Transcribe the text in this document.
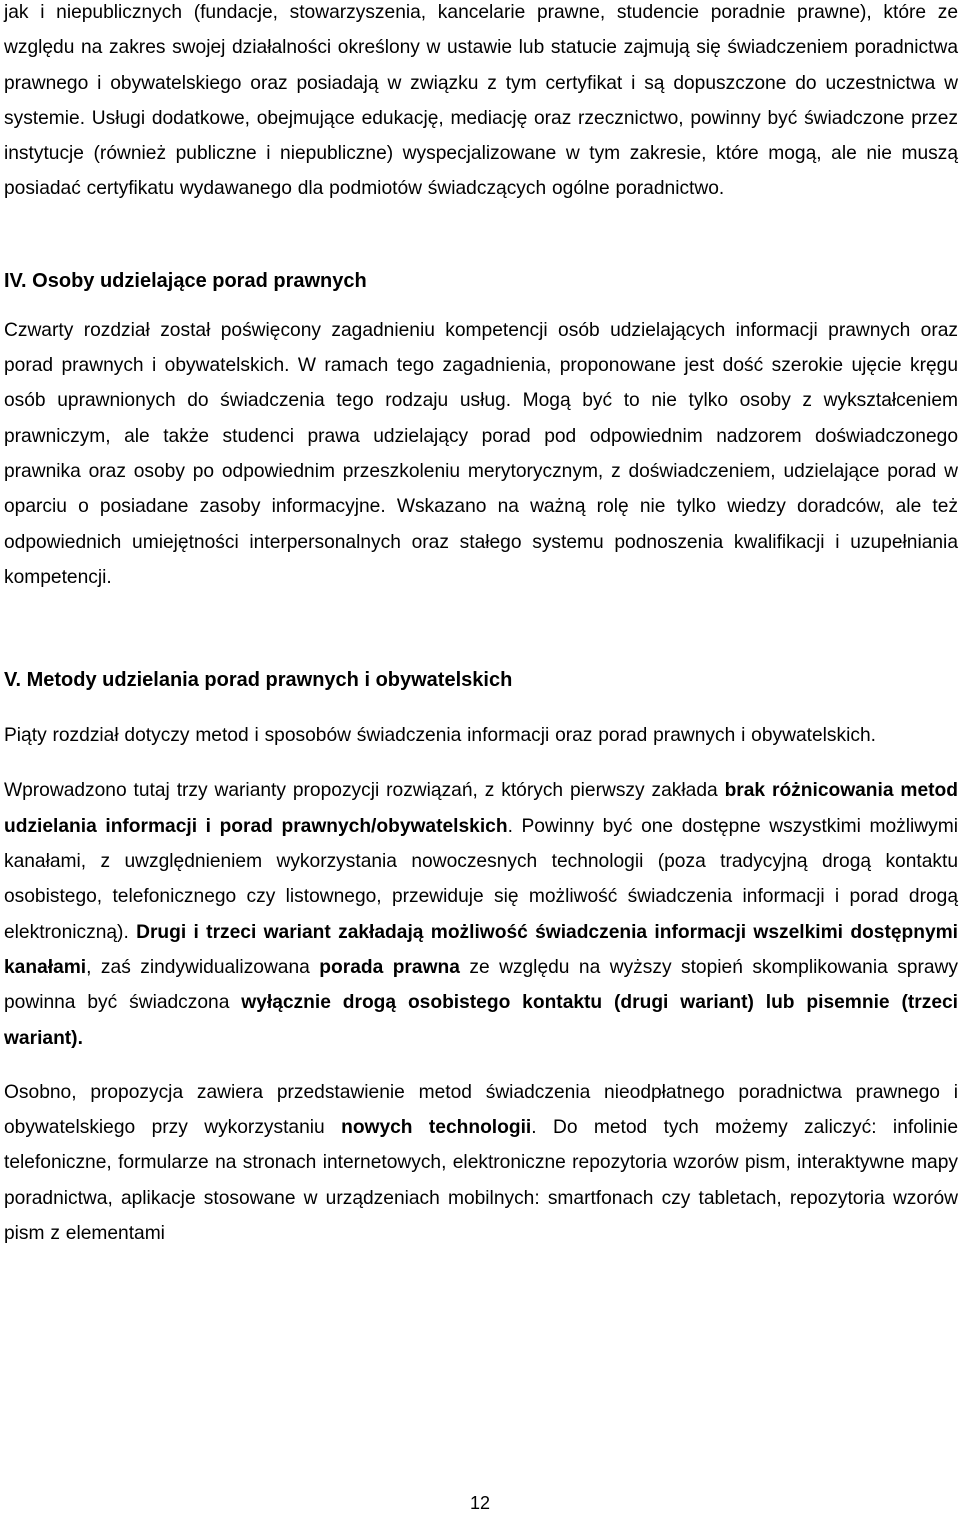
jak i niepublicznych (fundacje, stowarzyszenia, kancelarie prawne, studencie poradnie prawne), które ze względu na zakres swojej działalności określony w ustawie lub statucie zajmują się świadczeniem poradnictwa prawnego i obywatelskiego oraz posiadają w związku z tym certyfikat i są dopuszczone do uczestnictwa w systemie. Usługi dodatkowe, obejmujące edukację, mediację oraz rzecznictwo, powinny być świadczone przez instytucje (również publiczne i niepubliczne) wyspecjalizowane w tym zakresie, które mogą, ale nie muszą posiadać certyfikatu wydawanego dla podmiotów świadczących ogólne poradnictwo.

IV. Osoby udzielające porad prawnych

Czwarty rozdział został poświęcony zagadnieniu kompetencji osób udzielających informacji prawnych oraz porad prawnych i obywatelskich. W ramach tego zagadnienia, proponowane jest dość szerokie ujęcie kręgu osób uprawnionych do świadczenia tego rodzaju usług. Mogą być to nie tylko osoby z wykształceniem prawniczym, ale także studenci prawa udzielający porad pod odpowiednim nadzorem doświadczonego prawnika oraz osoby po odpowiednim przeszkoleniu merytorycznym, z doświadczeniem, udzielające porad w oparciu o posiadane zasoby informacyjne. Wskazano na ważną rolę nie tylko wiedzy doradców, ale też odpowiednich umiejętności interpersonalnych oraz stałego systemu podnoszenia kwalifikacji i uzupełniania kompetencji.

V. Metody udzielania porad prawnych i obywatelskich

Piąty rozdział dotyczy metod i sposobów świadczenia informacji oraz porad prawnych i obywatelskich.

Wprowadzono tutaj trzy warianty propozycji rozwiązań, z których pierwszy zakłada brak różnicowania metod udzielania informacji i porad prawnych/obywatelskich. Powinny być one dostępne wszystkimi możliwymi kanałami, z uwzględnieniem wykorzystania nowoczesnych technologii (poza tradycyjną drogą kontaktu osobistego, telefonicznego czy listownego, przewiduje się możliwość świadczenia informacji i porad drogą elektroniczną). Drugi i trzeci wariant zakładają możliwość świadczenia informacji wszelkimi dostępnymi kanałami, zaś zindywidualizowana porada prawna ze względu na wyższy stopień skomplikowania sprawy powinna być świadczona wyłącznie drogą osobistego kontaktu (drugi wariant) lub pisemnie (trzeci wariant).

Osobno, propozycja zawiera przedstawienie metod świadczenia nieodpłatnego poradnictwa prawnego i obywatelskiego przy wykorzystaniu nowych technologii. Do metod tych możemy zaliczyć: infolinie telefoniczne, formularze na stronach internetowych, elektroniczne repozytoria wzorów pism, interaktywne mapy poradnictwa, aplikacje stosowane w urządzeniach mobilnych: smartfonach czy tabletach, repozytoria wzorów pism z elementami

12
